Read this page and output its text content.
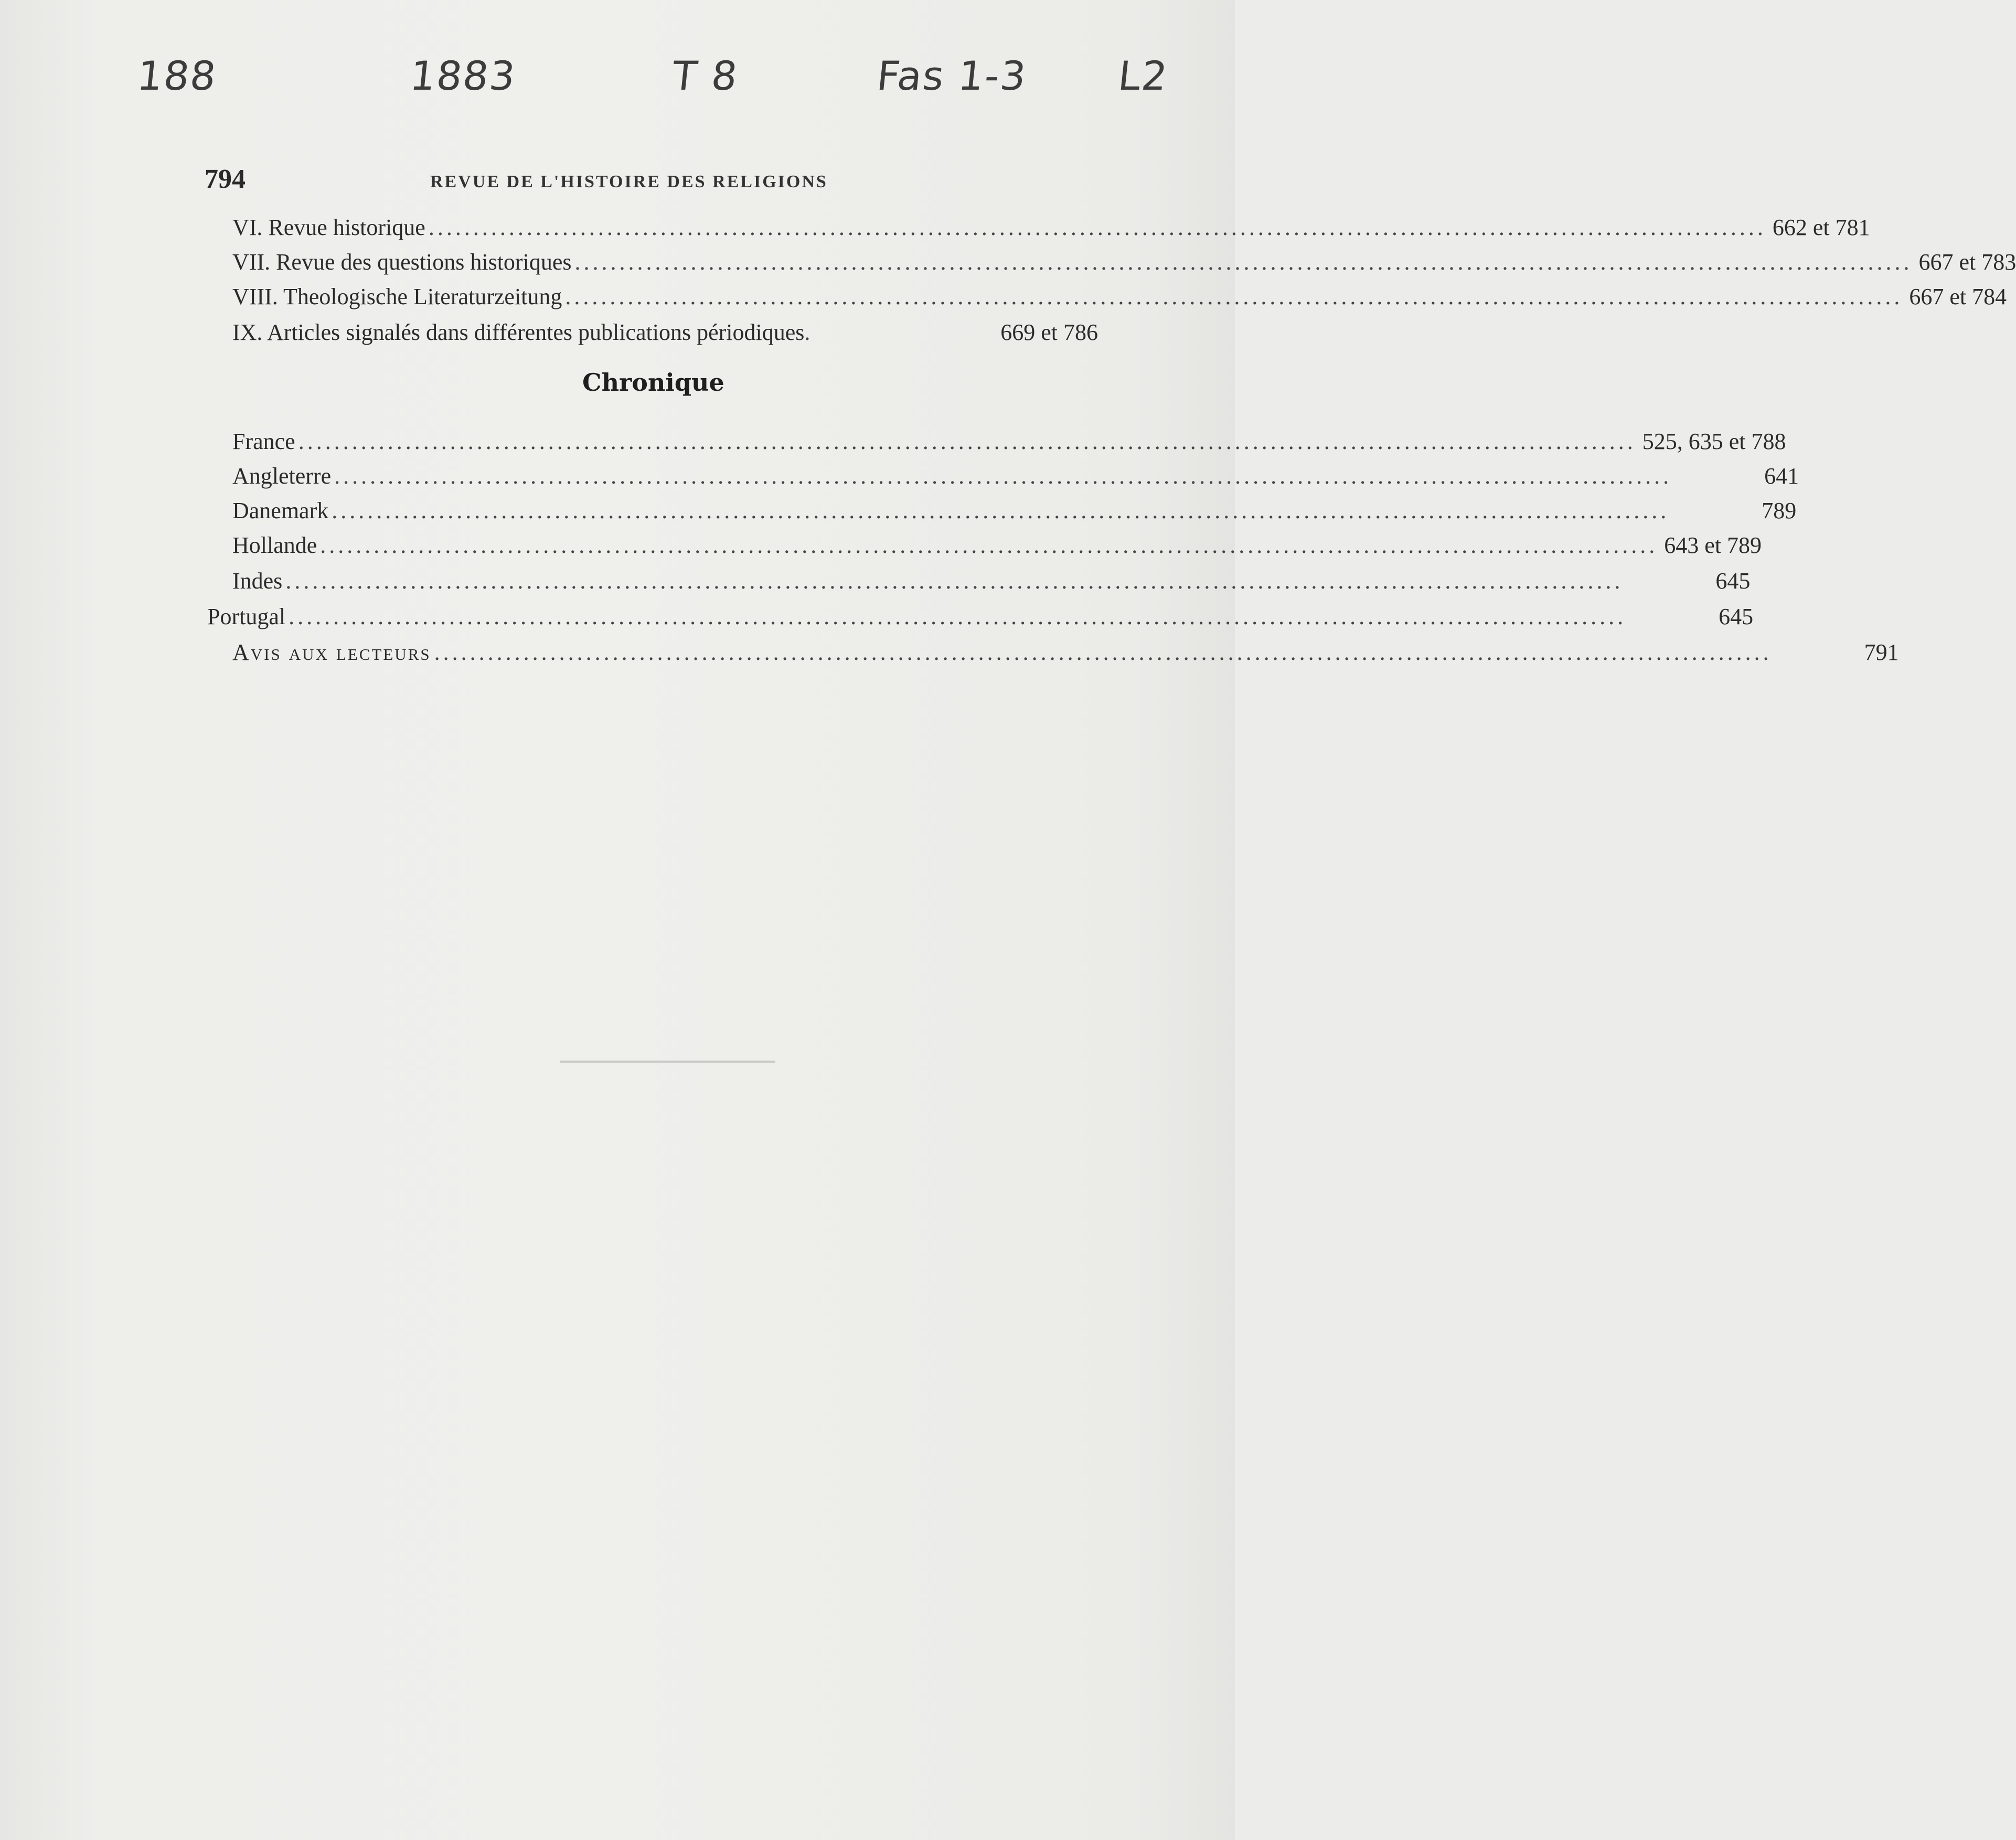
188	1883	T 8	Fas 1-3 L2
794	REVUE DE L'HISTOIRE DES RELIGIONS
VI. Revue historique ...................................................................................................................................................... 662 et 781
VII. Revue des questions historiques ...................................................................................................................................................... 667 et 783
VIII. Theologische Literaturzeitung ...................................................................................................................................................... 667 et 784
IX. Articles signalés dans différentes publications périodiques .	669 et 786
Chronique
France ...................................................................................................................................................... 525, 635 et 788
Angleterre ......................................................................................................................................................	641
Danemark ......................................................................................................................................................	789
Hollande ...................................................................................................................................................... 643 et 789
Indes ......................................................................................................................................................	645
Portugal ......................................................................................................................................................	645
Avis aux lecteurs ......................................................................................................................................................	791
